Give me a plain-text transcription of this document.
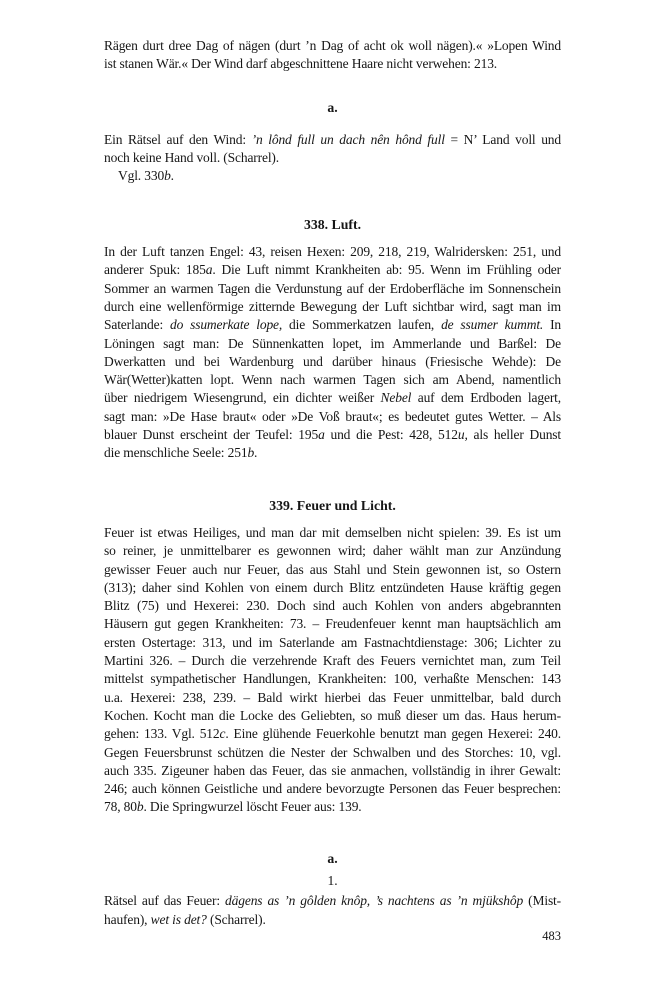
Rägen durt dree Dag of nägen (durt ’n Dag of acht ok woll nägen).« »Lopen Wind
ist stanen Wär.« Der Wind darf abgeschnittene Haare nicht verwehen: 213.
a.
Ein Rätsel auf den Wind: ’n lônd full un dach nên hônd full = N’ Land voll und
noch keine Hand voll. (Scharrel).
Vgl. 330b.
338. Luft.
In der Luft tanzen Engel: 43, reisen Hexen: 209, 218, 219, Walridersken: 251, und
anderer Spuk: 185a. Die Luft nimmt Krankheiten ab: 95. Wenn im Frühling oder
Sommer an warmen Tagen die Verdunstung auf der Erdoberfläche im Sonnenschein
durch eine wellenförmige zitternde Bewegung der Luft sichtbar wird, sagt man im
Saterlande: do ssumerkate lope, die Sommerkatzen laufen, de ssumer kummt. In
Löningen sagt man: De Sünnenkatten lopet, im Ammerlande und Barßel: De
Dwerkatten und bei Wardenburg und darüber hinaus (Friesische Wehde): De
Wär(Wetter)katten lopt. Wenn nach warmen Tagen sich am Abend, namentlich
über niedrigem Wiesengrund, ein dichter weißer Nebel auf dem Erdboden lagert,
sagt man: »De Hase braut« oder »De Voß braut«; es bedeutet gutes Wetter. – Als
blauer Dunst erscheint der Teufel: 195a und die Pest: 428, 512u, als heller Dunst
die menschliche Seele: 251b.
339. Feuer und Licht.
Feuer ist etwas Heiliges, und man dar mit demselben nicht spielen: 39. Es ist um
so reiner, je unmittelbarer es gewonnen wird; daher wählt man zur Anzündung
gewisser Feuer auch nur Feuer, das aus Stahl und Stein gewonnen ist, so Ostern
(313); daher sind Kohlen von einem durch Blitz entzündeten Hause kräftig gegen
Blitz (75) und Hexerei: 230. Doch sind auch Kohlen von anders abgebrannten
Häusern gut gegen Krankheiten: 73. – Freudenfeuer kennt man hauptsächlich am
ersten Ostertage: 313, und im Saterlande am Fastnachtdienstage: 306; Lichter zu
Martini 326. – Durch die verzehrende Kraft des Feuers vernichtet man, zum Teil
mittelst sympathetischer Handlungen, Krankheiten: 100, verhaßte Menschen: 143
u.a. Hexerei: 238, 239. – Bald wirkt hierbei das Feuer unmittelbar, bald durch
Kochen. Kocht man die Locke des Geliebten, so muß dieser um das. Haus herum-
gehen: 133. Vgl. 512c. Eine glühende Feuerkohle benutzt man gegen Hexerei: 240.
Gegen Feuersbrunst schützen die Nester der Schwalben und des Storches: 10, vgl.
auch 335. Zigeuner haben das Feuer, das sie anmachen, vollständig in ihrer Gewalt:
246; auch können Geistliche und andere bevorzugte Personen das Feuer besprechen:
78, 80b. Die Springwurzel löscht Feuer aus: 139.
a.
1.
Rätsel auf das Feuer: dägens as ’n gôlden knôp, ’s nachtens as ’n mjükshôp (Mist-
haufen), wet is det? (Scharrel).
483
